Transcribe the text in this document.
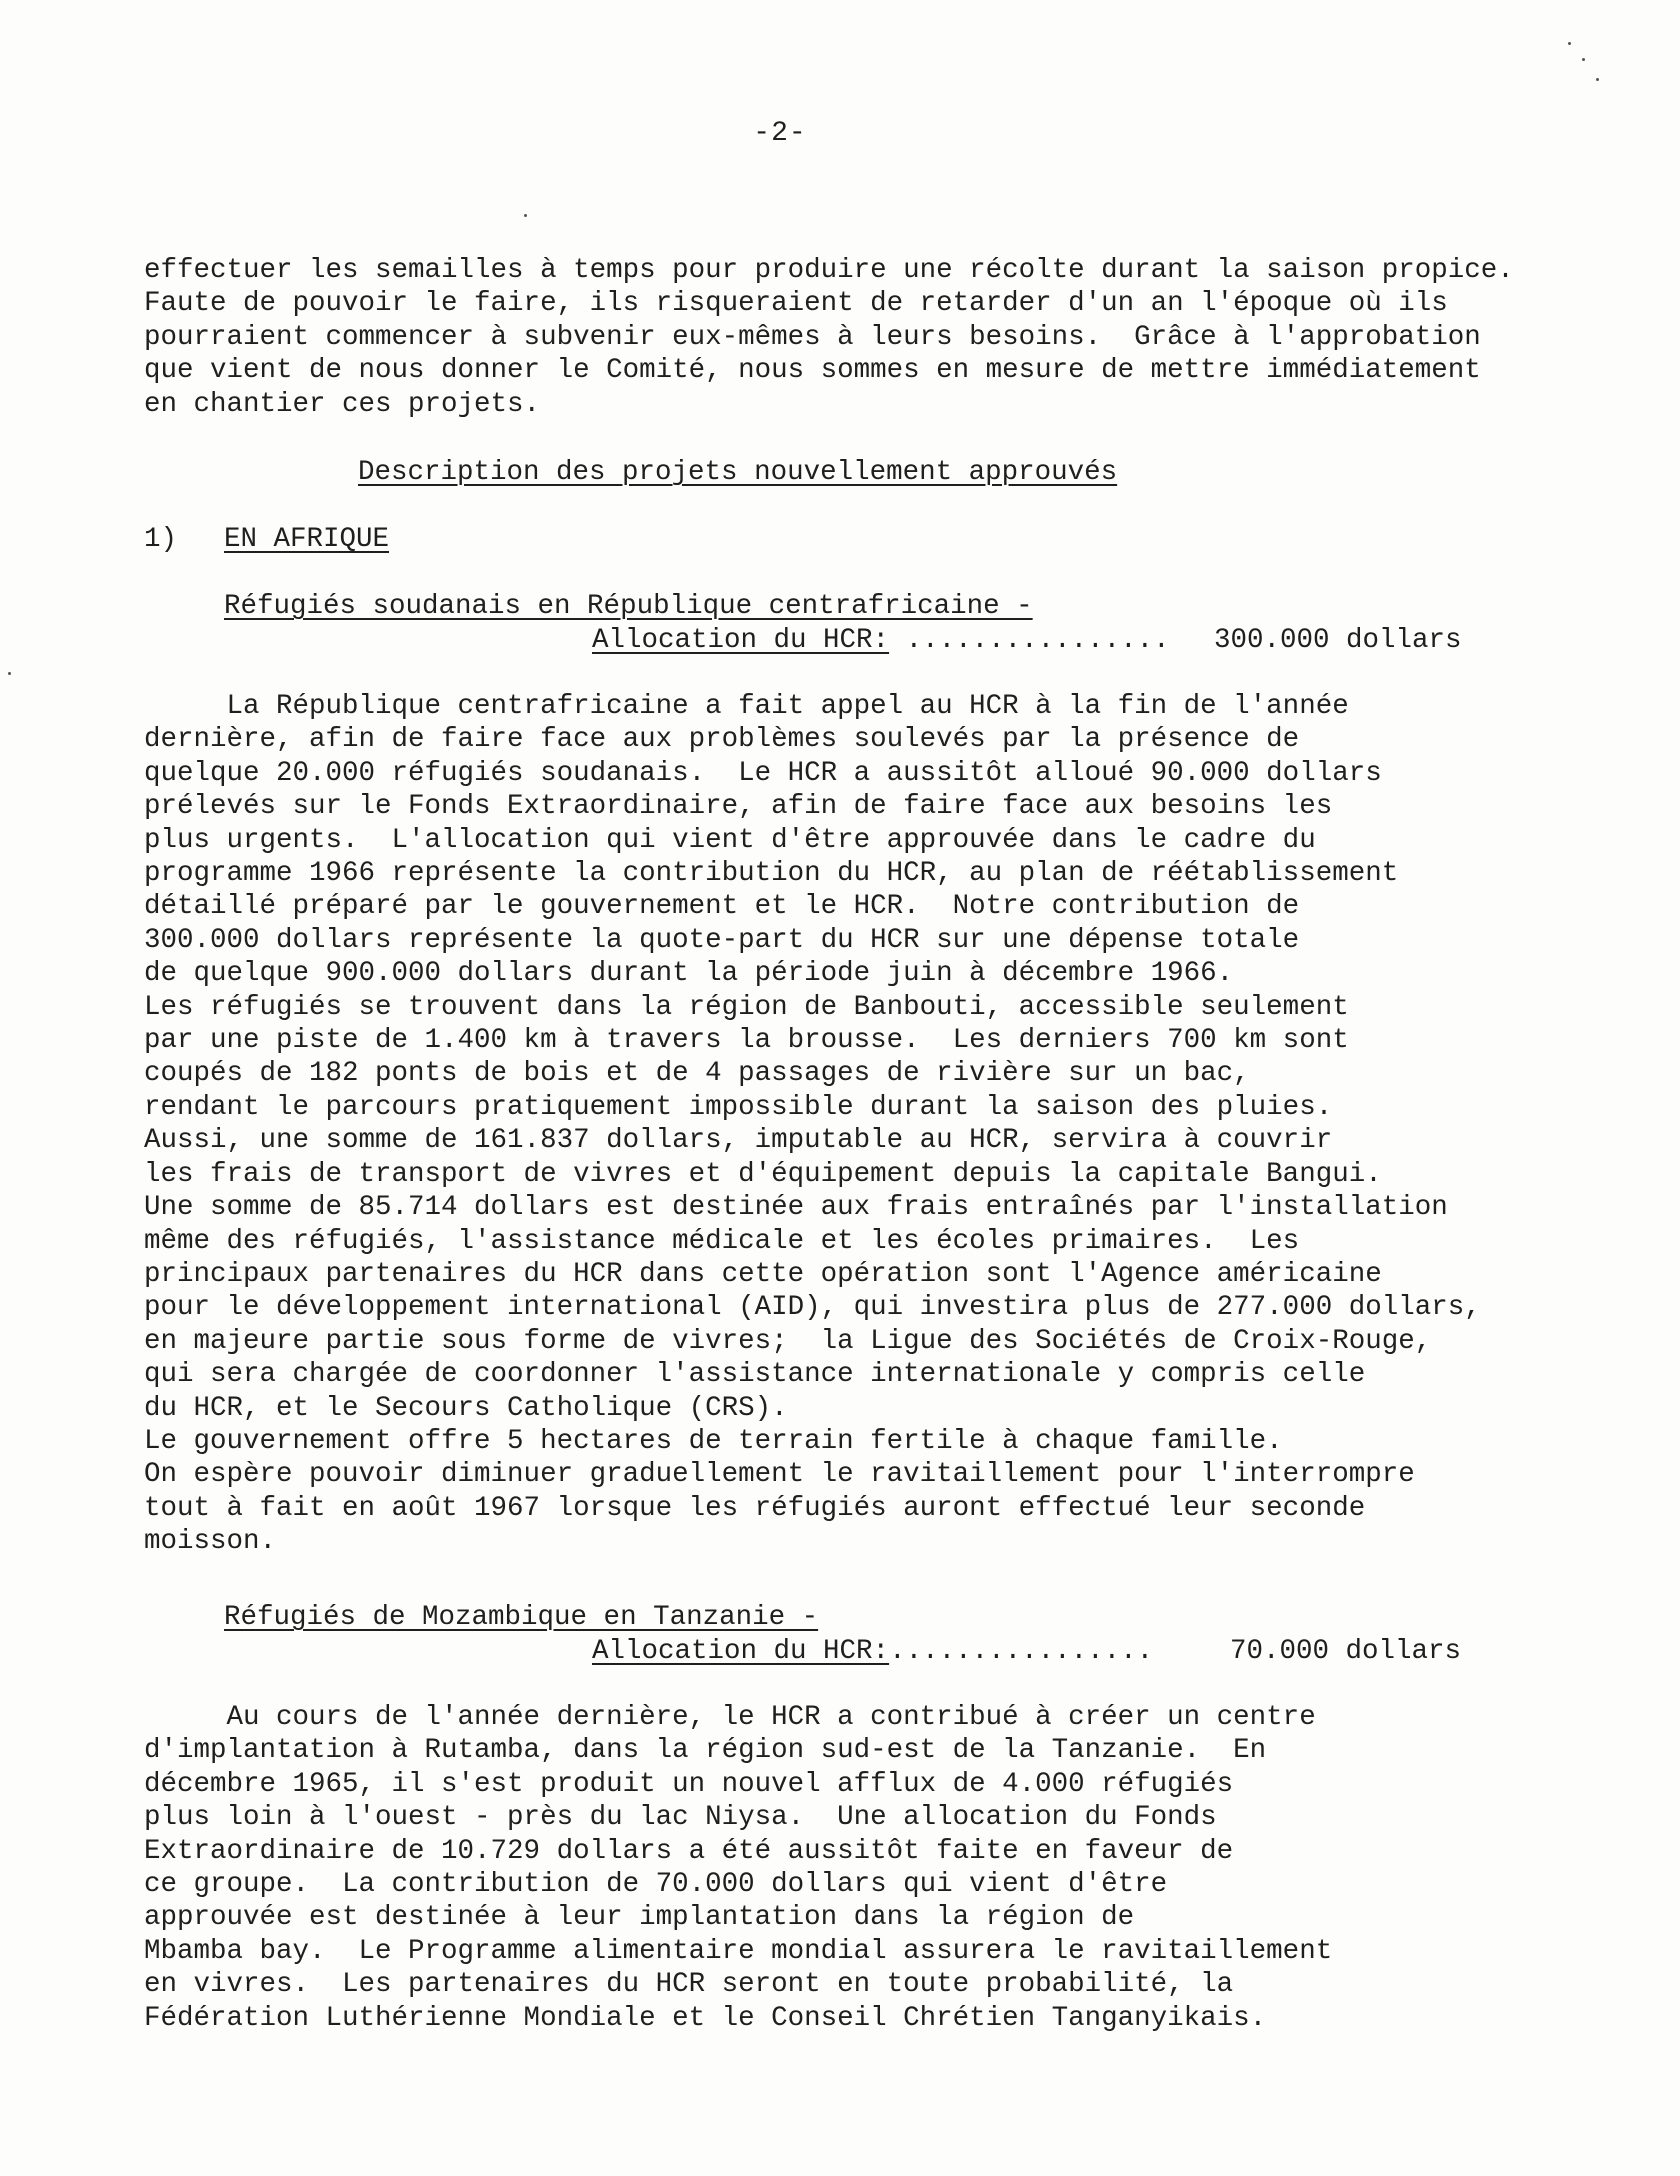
-2-
effectuer les semailles à temps pour produire une récolte durant la saison propice.
Faute de pouvoir le faire, ils risqueraient de retarder d'un an l'époque où ils
pourraient commencer à subvenir eux-mêmes à leurs besoins.  Grâce à l'approbation
que vient de nous donner le Comité, nous sommes en mesure de mettre immédiatement
en chantier ces projets.
Description des projets nouvellement approuvés
1) EN AFRIQUE
Réfugiés soudanais en République centrafricaine -
Allocation du HCR: ................ 300.000 dollars
La République centrafricaine a fait appel au HCR à la fin de l'année
dernière, afin de faire face aux problèmes soulevés par la présence de
quelque 20.000 réfugiés soudanais.  Le HCR a aussitôt alloué 90.000 dollars
prélevés sur le Fonds Extraordinaire, afin de faire face aux besoins les
plus urgents.  L'allocation qui vient d'être approuvée dans le cadre du
programme 1966 représente la contribution du HCR, au plan de réétablissement
détaillé préparé par le gouvernement et le HCR.  Notre contribution de
300.000 dollars représente la quote-part du HCR sur une dépense totale
de quelque 900.000 dollars durant la période juin à décembre 1966.
Les réfugiés se trouvent dans la région de Banbouti, accessible seulement
par une piste de 1.400 km à travers la brousse.  Les derniers 700 km sont
coupés de 182 ponts de bois et de 4 passages de rivière sur un bac,
rendant le parcours pratiquement impossible durant la saison des pluies.
Aussi, une somme de 161.837 dollars, imputable au HCR, servira à couvrir
les frais de transport de vivres et d'équipement depuis la capitale Bangui.
Une somme de 85.714 dollars est destinée aux frais entraînés par l'installation
même des réfugiés, l'assistance médicale et les écoles primaires.  Les
principaux partenaires du HCR dans cette opération sont l'Agence américaine
pour le développement international (AID), qui investira plus de 277.000 dollars,
en majeure partie sous forme de vivres;  la Ligue des Sociétés de Croix-Rouge,
qui sera chargée de coordonner l'assistance internationale y compris celle
du HCR, et le Secours Catholique (CRS).
Le gouvernement offre 5 hectares de terrain fertile à chaque famille.
On espère pouvoir diminuer graduellement le ravitaillement pour l'interrompre
tout à fait en août 1967 lorsque les réfugiés auront effectué leur seconde
moisson.
Réfugiés de Mozambique en Tanzanie -
Allocation du HCR:................	70.000 dollars
Au cours de l'année dernière, le HCR a contribué à créer un centre
d'implantation à Rutamba, dans la région sud-est de la Tanzanie.  En
décembre 1965, il s'est produit un nouvel afflux de 4.000 réfugiés
plus loin à l'ouest - près du lac Niysa.  Une allocation du Fonds
Extraordinaire de 10.729 dollars a été aussitôt faite en faveur de
ce groupe.  La contribution de 70.000 dollars qui vient d'être
approuvée est destinée à leur implantation dans la région de
Mbamba bay.  Le Programme alimentaire mondial assurera le ravitaillement
en vivres.  Les partenaires du HCR seront en toute probabilité, la
Fédération Luthérienne Mondiale et le Conseil Chrétien Tanganyikais.
